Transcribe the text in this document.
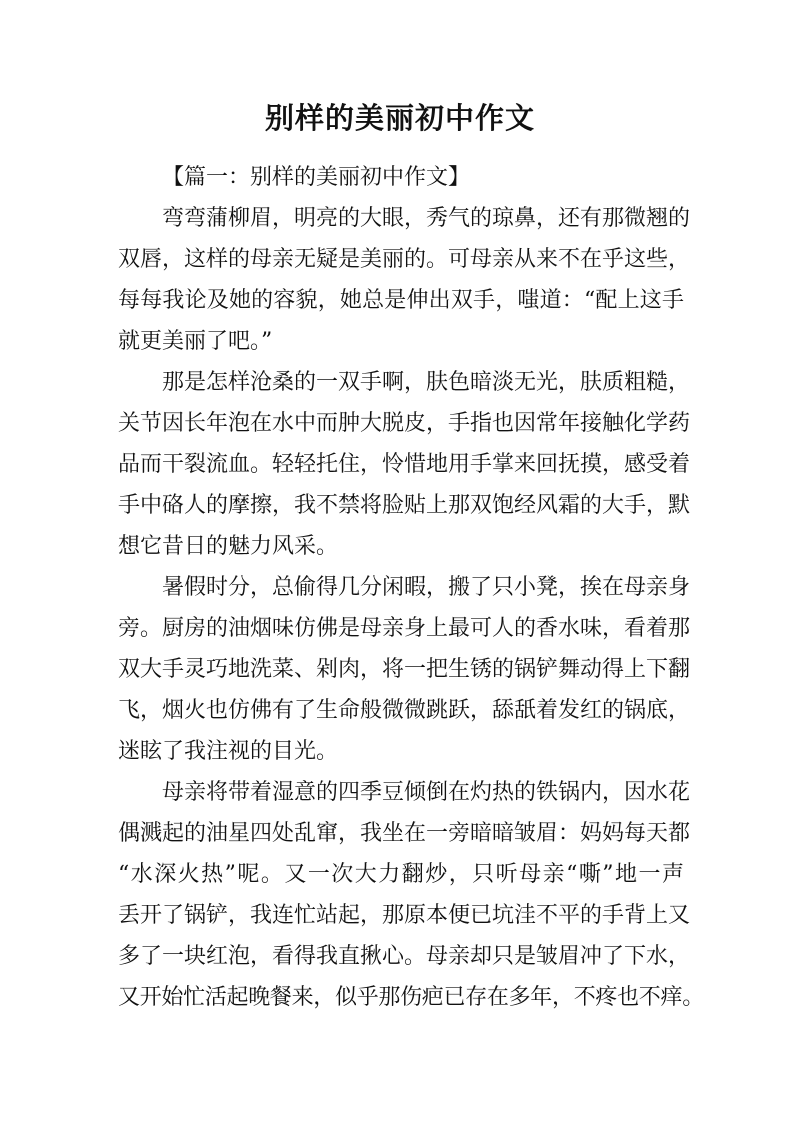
别样的美丽初中作文
【篇一：别样的美丽初中作文】
弯弯蒲柳眉，明亮的大眼，秀气的琼鼻，还有那微翘的
双唇，这样的母亲无疑是美丽的。可母亲从来不在乎这些，
每每我论及她的容貌，她总是伸出双手，嗤道：“配上这手
就更美丽了吧。”
那是怎样沧桑的一双手啊，肤色暗淡无光，肤质粗糙，
关节因长年泡在水中而肿大脱皮，手指也因常年接触化学药
品而干裂流血。轻轻托住，怜惜地用手掌来回抚摸，感受着
手中硌人的摩擦，我不禁将脸贴上那双饱经风霜的大手，默
想它昔日的魅力风采。
暑假时分，总偷得几分闲暇，搬了只小凳，挨在母亲身
旁。厨房的油烟味仿佛是母亲身上最可人的香水味，看着那
双大手灵巧地洗菜、剁肉，将一把生锈的锅铲舞动得上下翻
飞，烟火也仿佛有了生命般微微跳跃，舔舐着发红的锅底，
迷眩了我注视的目光。
母亲将带着湿意的四季豆倾倒在灼热的铁锅内，因水花
偶溅起的油星四处乱窜，我坐在一旁暗暗皱眉：妈妈每天都
“水深火热”呢。又一次大力翻炒，只听母亲“嘶”地一声
丢开了锅铲，我连忙站起，那原本便已坑洼不平的手背上又
多了一块红泡，看得我直揪心。母亲却只是皱眉冲了下水，
又开始忙活起晚餐来，似乎那伤疤已存在多年，不疼也不痒。
